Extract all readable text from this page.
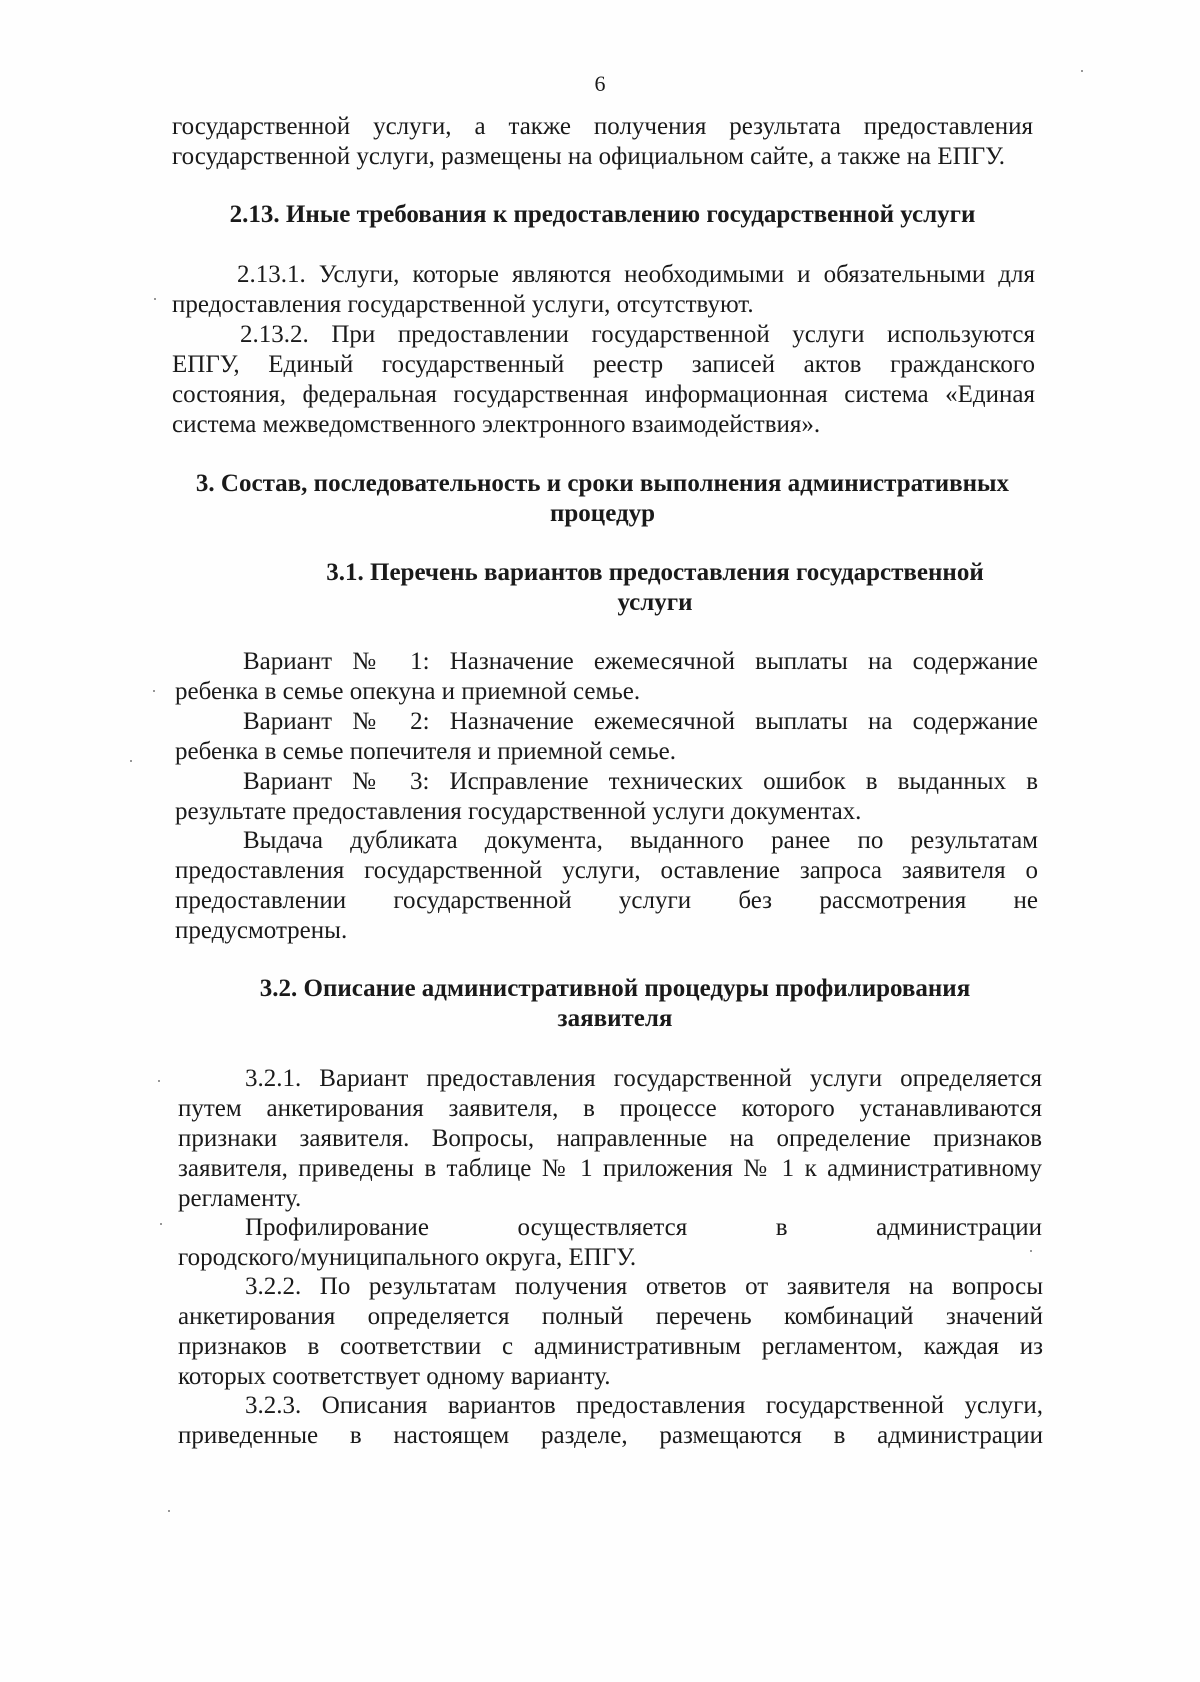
6

государственной услуги, а также получения результата предоставления

государственной услуги, размещены на официальном сайте, а также на ЕПГУ.

2.13. Иные требования к предоставлению государственной услуги

2.13.1. Услуги, которые являются необходимыми и обязательными для

предоставления государственной услуги, отсутствуют.

2.13.2. При предоставлении государственной услуги используются

ЕПГУ, Единый государственный реестр записей актов гражданского

состояния, федеральная государственная информационная система «Единая

система межведомственного электронного взаимодействия».

3. Состав, последовательность и сроки выполнения административных
процедур
3.1. Перечень вариантов предоставления государственной
услуги

Вариант № 1: Назначение ежемесячной выплаты на содержание

ребенка в семье опекуна и приемной семье.

Вариант № 2: Назначение ежемесячной выплаты на содержание

ребенка в семье попечителя и приемной семье.

Вариант № 3: Исправление технических ошибок в выданных в

результате предоставления государственной услуги документах.

Выдача дубликата документа, выданного ранее по результатам

предоставления государственной услуги, оставление запроса заявителя о

предоставлении государственной услуги без рассмотрения не

предусмотрены.

3.2. Описание административной процедуры профилирования
заявителя

3.2.1. Вариант предоставления государственной услуги определяется

путем анкетирования заявителя, в процессе которого устанавливаются

признаки заявителя. Вопросы, направленные на определение признаков

заявителя, приведены в таблице № 1 приложения № 1 к административному

регламенту.

Профилирование осуществляется в администрации

городского/муниципального округа, ЕПГУ.

3.2.2. По результатам получения ответов от заявителя на вопросы

анкетирования определяется полный перечень комбинаций значений

признаков в соответствии с административным регламентом, каждая из

которых соответствует одному варианту.

3.2.3. Описания вариантов предоставления государственной услуги,

приведенные в настоящем разделе, размещаются в администрации
